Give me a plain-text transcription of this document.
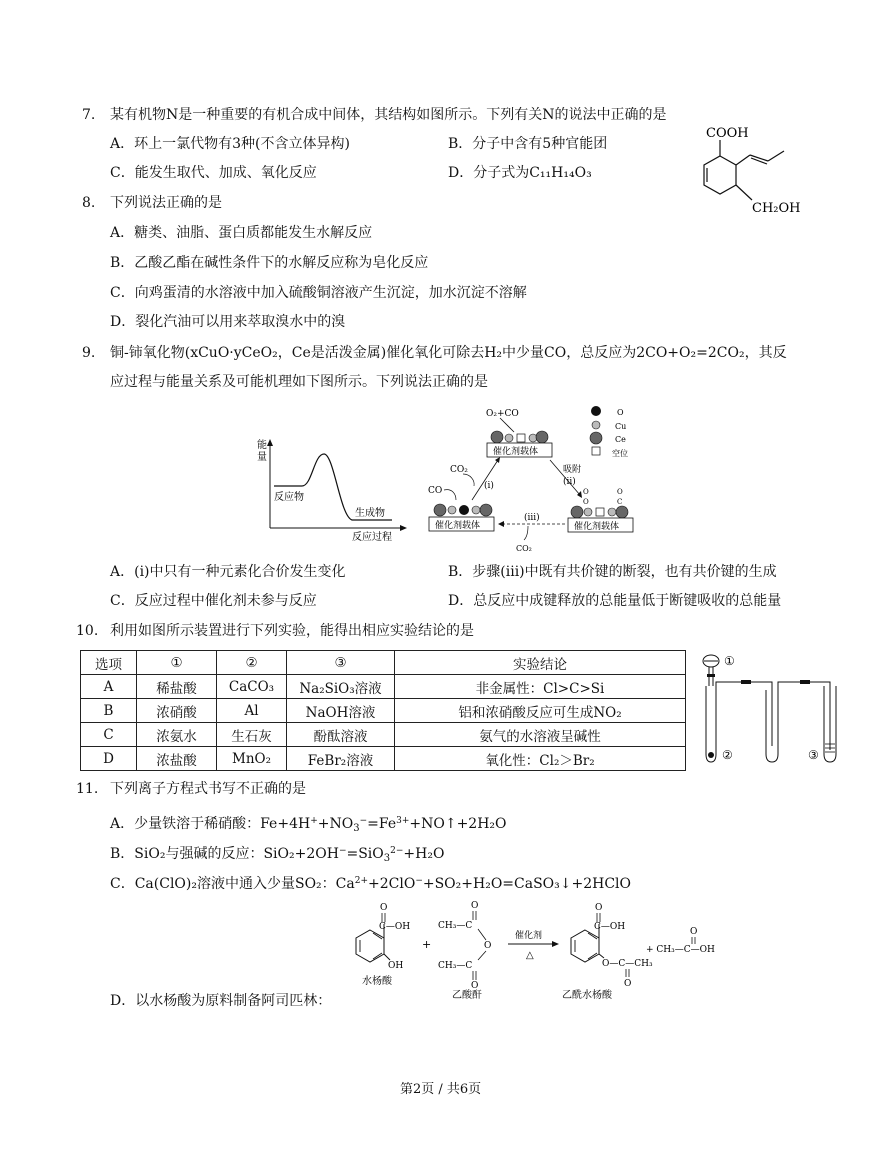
7. 某有机物N是一种重要的有机合成中间体，其结构如图所示。下列有关N的说法中正确的是
A．环上一氯代物有3种(不含立体异构)	B．分子中含有5种官能团
C．能发生取代、加成、氧化反应	D．分子式为C₁₁H₁₄O₃
COOH
CH₂OH
8. 下列说法正确的是
A．糖类、油脂、蛋白质都能发生水解反应
B．乙酸乙酯在碱性条件下的水解反应称为皂化反应
C．向鸡蛋清的水溶液中加入硫酸铜溶液产生沉淀，加水沉淀不溶解
D．裂化汽油可以用来萃取溴水中的溴
9. 铜-铈氧化物(xCuO·yCeO₂，Ce是活泼金属)催化氧化可除去H₂中少量CO，总反应为2CO+O₂=2CO₂，其反
应过程与能量关系及可能机理如下图所示。下列说法正确的是
能
量
反应物
生成物
反应过程
O₂+CO
催化剂载体
O
Cu
Ce
空位
CO₂
(i)
CO
催化剂载体
吸附
(ii)
O
O
O
C
催化剂载体
(iii)
CO₂
A．(i)中只有一种元素化合价发生变化	B．步骤(iii)中既有共价键的断裂，也有共价键的生成
C．反应过程中催化剂未参与反应	D．总反应中成键释放的总能量低于断键吸收的总能量
10. 利用如图所示装置进行下列实验，能得出相应实验结论的是
选项	①	②	③	实验结论
A	稀盐酸	CaCO₃	Na₂SiO₃溶液	非金属性：Cl>C>Si
B	浓硝酸	Al	NaOH溶液	铝和浓硝酸反应可生成NO₂
C	浓氨水	生石灰	酚酞溶液	氨气的水溶液呈碱性
D	浓盐酸	MnO₂	FeBr₂溶液	氧化性：Cl₂＞Br₂
①
②	③
11. 下列离子方程式书写不正确的是
A．少量铁溶于稀硝酸：$Fe+4H^++NO_3^-=Fe^{3+}+NO↑+2H_2O$
B．SiO₂与强碱的反应：SiO₂+2OH−=SiO$_3^{2-}$+H₂O
C．Ca(ClO)₂溶液中通入少量SO₂：$Ca^{2+}+2ClO^-+SO_2+H_2O=CaSO_3↓+2HClO$
O
C—OH
OH
水杨酸
+
O
CH₃—C
O
CH₃—C
O
乙酸酐
催化剂
△
O
C—OH
O—C—CH₃
O
乙酰水杨酸
O
+ CH₃—C—OH
D．以水杨酸为原料制备阿司匹林：
第2页 / 共6页
